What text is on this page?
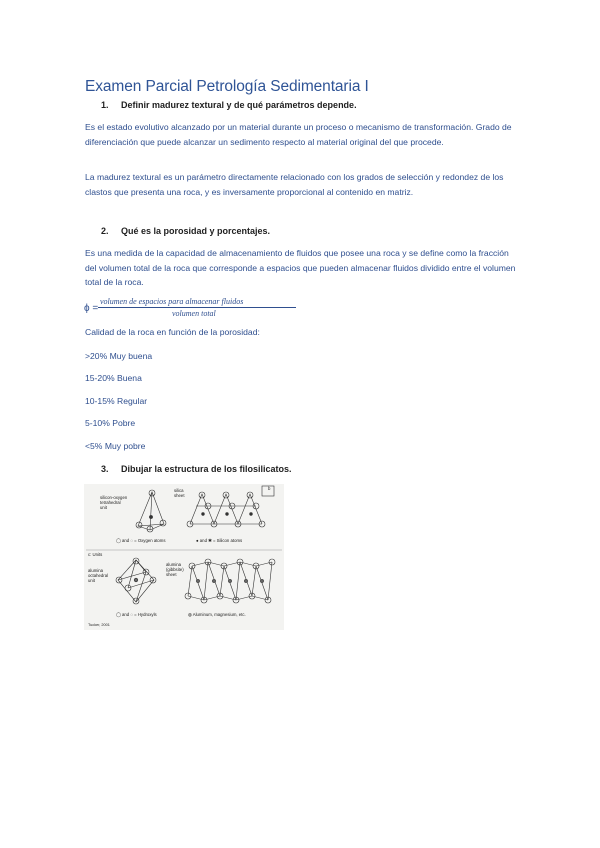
Examen Parcial Petrología Sedimentaria I
1. Definir madurez textural y de qué parámetros depende.
Es el estado evolutivo alcanzado por un material durante un proceso o mecanismo de transformación. Grado de diferenciación que puede alcanzar un sedimento respecto al material original del que procede.
La madurez textural es un parámetro directamente relacionado con los grados de selección y redondez de los clastos que presenta una roca, y es inversamente proporcional al contenido en matriz.
2. Qué es la porosidad y porcentajes.
Es una medida de la capacidad de almacenamiento de fluidos que posee una roca y se define como la fracción del volumen total de la roca que corresponde a espacios que pueden almacenar fluidos dividido entre el volumen total de la roca.
ϕ =
volumen de espacios para almacenar fluidos
volumen total
Calidad de la roca en función de la porosidad:
>20% Muy buena
15-20% Buena
10-15% Regular
5-10% Pobre
<5% Muy pobre
3. Dibujar la estructura de los filosilicatos.
silicon-oxygen
tetrahedral
unit
silica
sheet
b
◯ and ◌ = Oxygen atoms	● and ✱ = Silicon atoms
c: Units
alumina
octahedral
unit
alumina
(gibbsite)
sheet
◯ and ◌ = Hydroxyls	◍ Aluminum, magnesium, etc.
Tucker, 2001
